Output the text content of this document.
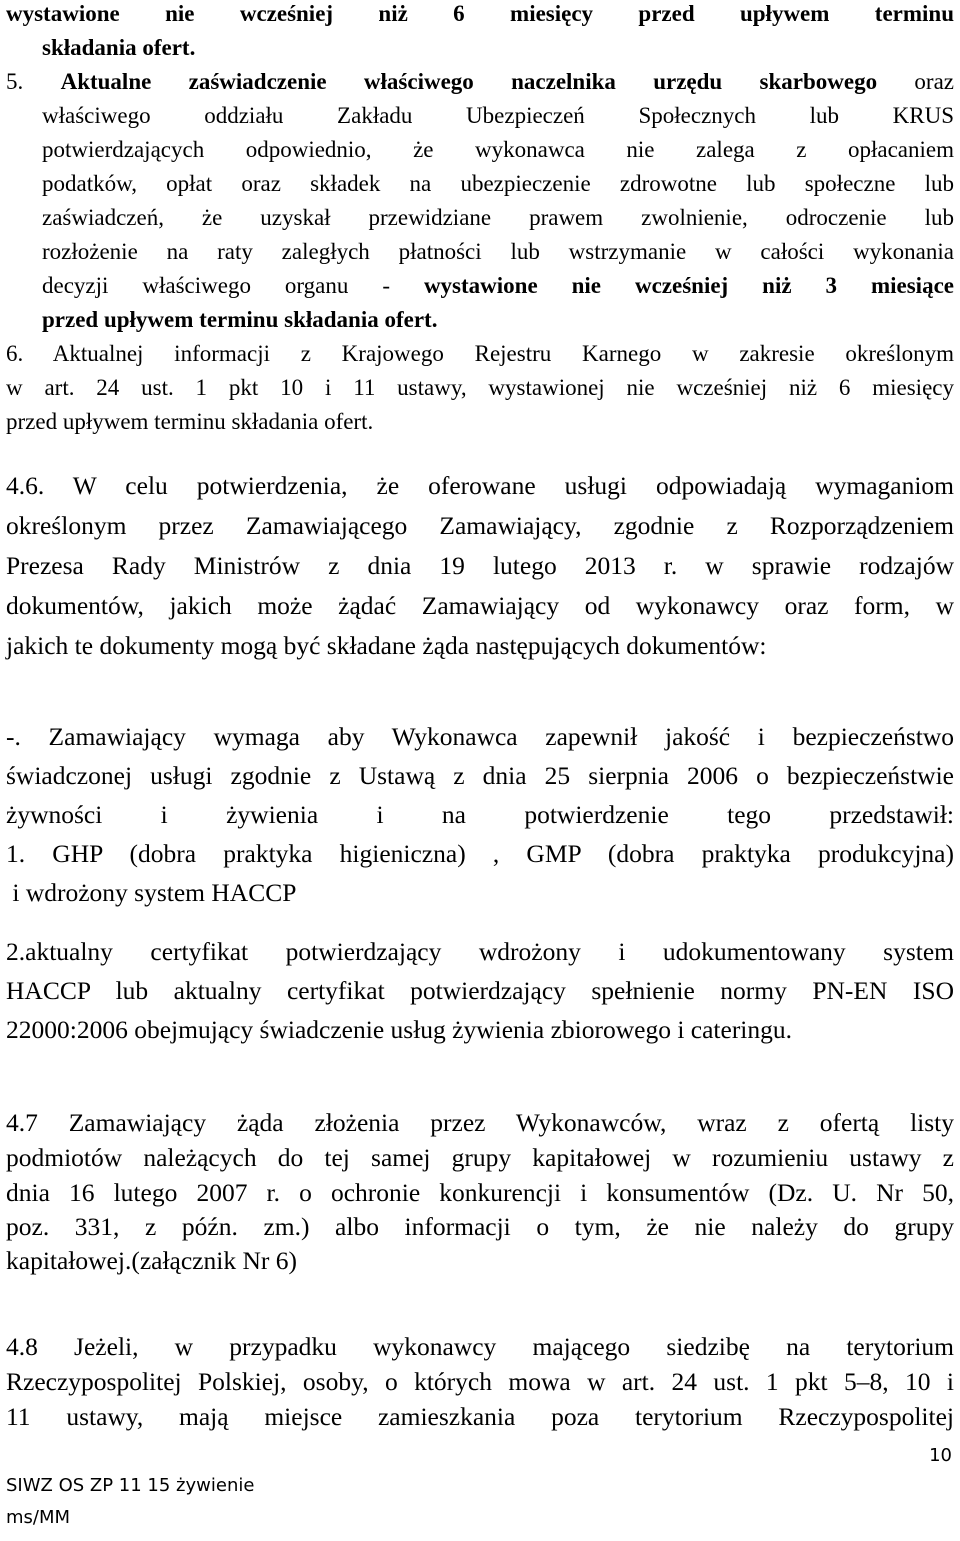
wystawione nie wcześniej niż 6 miesięcy przed upływem terminu
składania ofert.
5. Aktualne zaświadczenie właściwego naczelnika urzędu skarbowego oraz
właściwego oddziału Zakładu Ubezpieczeń Społecznych lub KRUS
potwierdzających odpowiednio, że wykonawca nie zalega z opłacaniem
podatków, opłat oraz składek na ubezpieczenie zdrowotne lub społeczne lub
zaświadczeń, że uzyskał przewidziane prawem zwolnienie, odroczenie lub
rozłożenie na raty zaległych płatności lub wstrzymanie w całości wykonania
decyzji właściwego organu - wystawione nie wcześniej niż 3 miesiące
przed upływem terminu składania ofert.
6. Aktualnej informacji z Krajowego Rejestru Karnego w zakresie określonym
w art. 24 ust. 1 pkt 10 i 11 ustawy, wystawionej nie wcześniej niż 6 miesięcy
przed upływem terminu składania ofert.
4.6. W celu potwierdzenia, że oferowane usługi odpowiadają wymaganiom
określonym przez Zamawiającego Zamawiający, zgodnie z Rozporządzeniem
Prezesa Rady Ministrów z dnia 19 lutego 2013 r. w sprawie rodzajów
dokumentów, jakich może żądać Zamawiający od wykonawcy oraz form, w
jakich te dokumenty mogą być składane żąda następujących dokumentów:
-. Zamawiający wymaga aby Wykonawca zapewnił jakość i bezpieczeństwo
świadczonej usługi zgodnie z Ustawą z dnia 25 sierpnia 2006 o bezpieczeństwie
żywności i żywienia i na potwierdzenie tego przedstawił:
1. GHP (dobra praktyka higieniczna) , GMP (dobra praktyka produkcyjna)
i wdrożony system HACCP
2.aktualny certyfikat potwierdzający wdrożony i udokumentowany system
HACCP lub aktualny certyfikat potwierdzający spełnienie normy PN-EN ISO
22000:2006 obejmujący świadczenie usług żywienia zbiorowego i cateringu.
4.7 Zamawiający żąda złożenia przez Wykonawców, wraz z ofertą listy
podmiotów należących do tej samej grupy kapitałowej w rozumieniu ustawy z
dnia 16 lutego 2007 r. o ochronie konkurencji i konsumentów (Dz. U. Nr 50,
poz. 331, z późn. zm.) albo informacji o tym, że nie należy do grupy
kapitałowej.(załącznik Nr 6)
4.8 Jeżeli, w przypadku wykonawcy mającego siedzibę na terytorium
Rzeczypospolitej Polskiej, osoby, o których mowa w art. 24 ust. 1 pkt 5–8, 10 i
11 ustawy, mają miejsce zamieszkania poza terytorium Rzeczypospolitej
10
SIWZ OS ZP 11 15 żywienie
ms/MM
